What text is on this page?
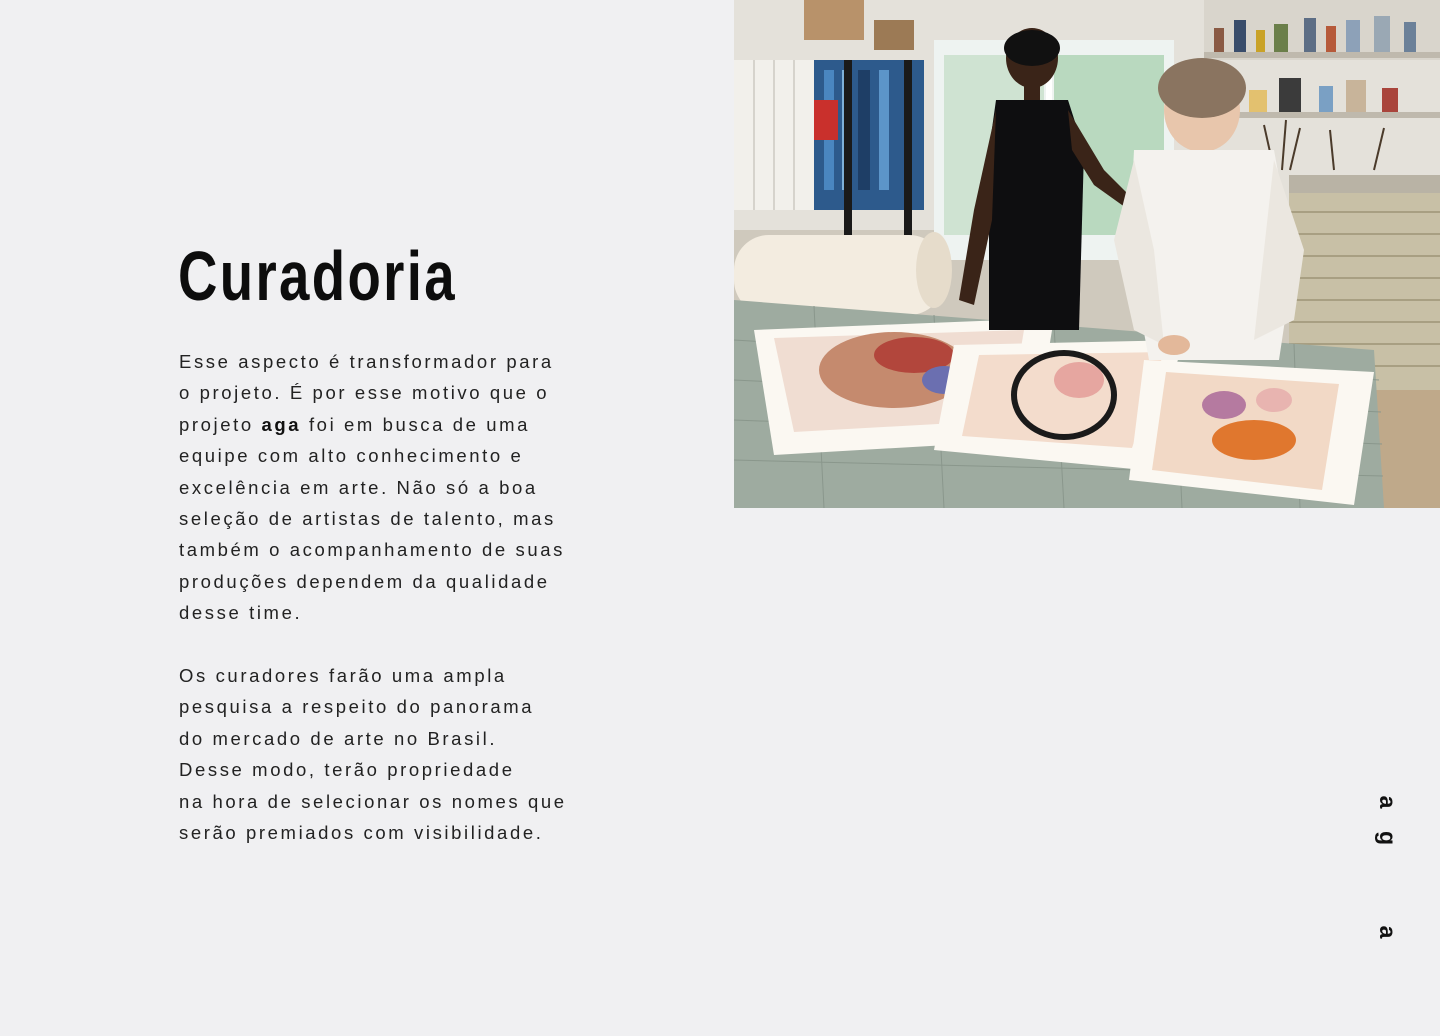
Curadoria
Esse aspecto é transformador para
o projeto. É por esse motivo que o
projeto aga foi em busca de uma
equipe com alto conhecimento e
excelência em arte. Não só a boa
seleção de artistas de talento, mas
também o acompanhamento de suas
produções dependem da qualidade
desse time.
Os curadores farão uma ampla
pesquisa a respeito do panorama
do mercado de arte no Brasil.
Desse modo, terão propriedade
na hora de selecionar os nomes que
serão premiados com visibilidade.
a
g
a
